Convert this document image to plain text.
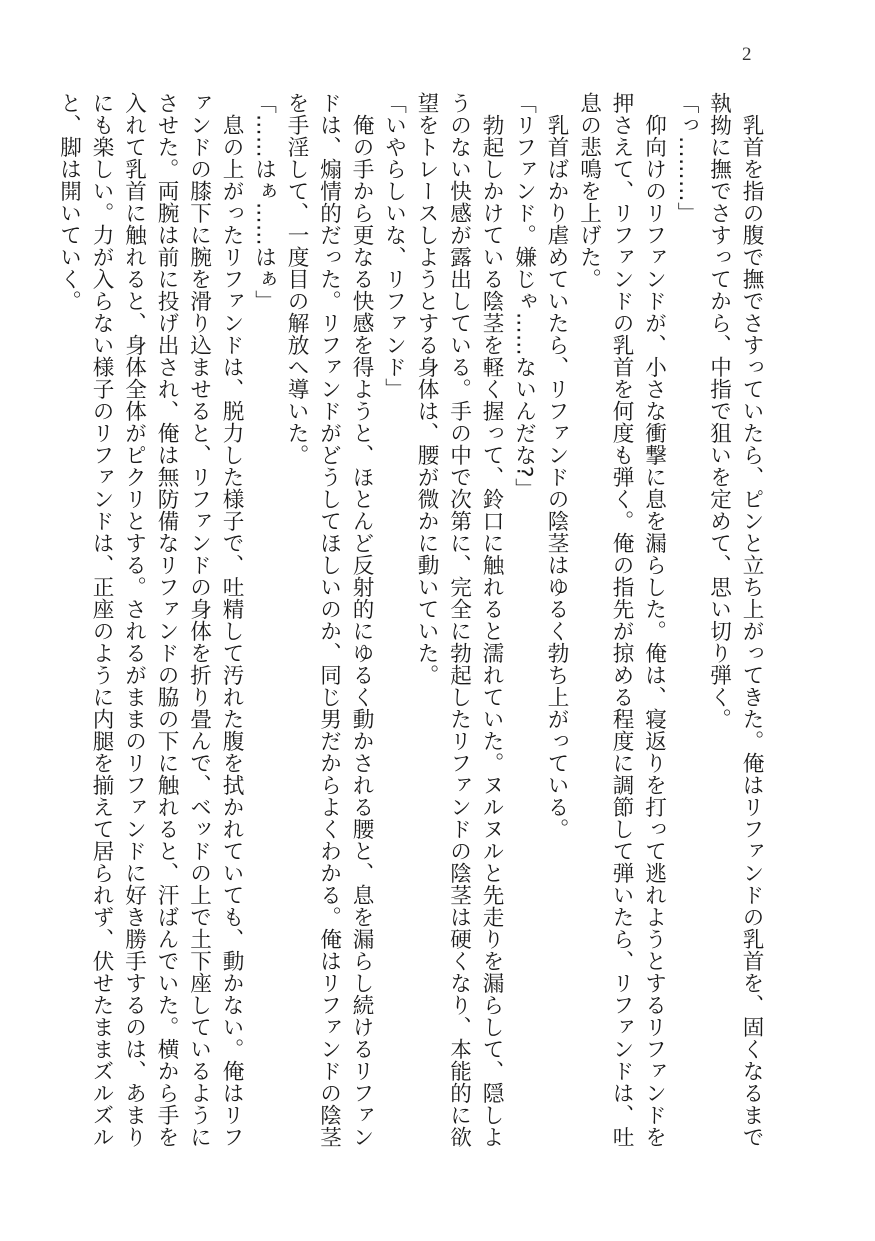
2

乳首を指の腹で撫でさすっていたら、ピンと立ち上がってきた。俺はリファンドの乳首を、固くなるまで執拗に撫でさすってから、中指で狙いを定めて、思い切り弾く。

「っ………」

仰向けのリファンドが、小さな衝撃に息を漏らした。俺は、寝返りを打って逃れようとするリファンドを押さえて、リファンドの乳首を何度も弾く。俺の指先が掠める程度に調節して弾いたら、リファンドは、吐息の悲鳴を上げた。

乳首ばかり虐めていたら、リファンドの陰茎はゆるく勃ち上がっている。

「リファンド。嫌じゃ……ないんだな?」

勃起しかけている陰茎を軽く握って、鈴口に触れると濡れていた。ヌルヌルと先走りを漏らして、隠しようのない快感が露出している。手の中で次第に、完全に勃起したリファンドの陰茎は硬くなり、本能的に欲望をトレースしようとする身体は、腰が微かに動いていた。

「いやらしいな、リファンド」

俺の手から更なる快感を得ようと、ほとんど反射的にゆるく動かされる腰と、息を漏らし続けるリファンドは、煽情的だった。リファンドがどうしてほしいのか、同じ男だからよくわかる。俺はリファンドの陰茎を手淫して、一度目の解放へ導いた。

「……はぁ……はぁ」

息の上がったリファンドは、脱力した様子で、吐精して汚れた腹を拭かれていても、動かない。俺はリファンドの膝下に腕を滑り込ませると、リファンドの身体を折り畳んで、ベッドの上で土下座しているようにさせた。両腕は前に投げ出され、俺は無防備なリファンドの脇の下に触れると、汗ばんでいた。横から手を入れて乳首に触れると、身体全体がピクリとする。されるがままのリファンドに好き勝手するのは、あまりにも楽しい。力が入らない様子のリファンドは、正座のように内腿を揃えて居られず、伏せたままズルズルと、脚は開いていく。
